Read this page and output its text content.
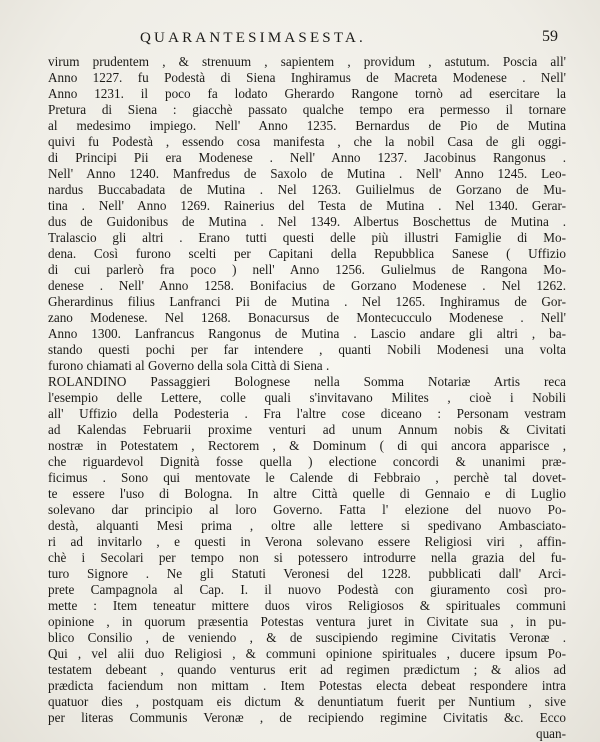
QUARANTESIMASESTA.	59
virum prudentem , & strenuum , sapientem , providum , astutum. Poscia all'
Anno 1227. fu Podestà di Siena Inghiramus de Macreta Modenese . Nell'
Anno 1231. il poco fa lodato Gherardo Rangone tornò ad esercitare la
Pretura di Siena : giacchè passato qualche tempo era permesso il tornare
al medesimo impiego. Nell' Anno 1235. Bernardus de Pio de Mutina
quivi fu Podestà , essendo cosa manifesta , che la nobil Casa de gli oggi-
di Principi Pii era Modenese . Nell' Anno 1237. Jacobinus Rangonus .
Nell' Anno 1240. Manfredus de Saxolo de Mutina . Nell' Anno 1245. Leo-
nardus Buccabadata de Mutina . Nel 1263. Guilielmus de Gorzano de Mu-
tina . Nell' Anno 1269. Rainerius del Testa de Mutina . Nel 1340. Gerar-
dus de Guidonibus de Mutina . Nel 1349. Albertus Boschettus de Mutina .
Tralascio gli altri . Erano tutti questi delle più illustri Famiglie di Mo-
dena. Così furono scelti per Capitani della Repubblica Sanese ( Uffizio
di cui parlerò fra poco ) nell' Anno 1256. Gulielmus de Rangona Mo-
denese . Nell' Anno 1258. Bonifacius de Gorzano Modenese . Nel 1262.
Gherardinus filius Lanfranci Pii de Mutina . Nel 1265. Inghiramus de Gor-
zano Modenese. Nel 1268. Bonacursus de Montecucculo Modenese . Nell'
Anno 1300. Lanfrancus Rangonus de Mutina . Lascio andare gli altri , ba-
stando questi pochi per far intendere , quanti Nobili Modenesi una volta
furono chiamati al Governo della sola Città di Siena .
ROLANDINO Passaggieri Bolognese nella Somma Notariæ Artis reca
l'esempio delle Lettere, colle quali s'invitavano Milites , cioè i Nobili
all' Uffizio della Podesteria . Fra l'altre cose diceano : Personam vestram
ad Kalendas Februarii proxime venturi ad unum Annum nobis & Civitati
nostræ in Potestatem , Rectorem , & Dominum ( di qui ancora apparisce ,
che riguardevol Dignità fosse quella ) electione concordi & unanimi præ-
ficimus . Sono qui mentovate le Calende di Febbraio , perchè tal dovet-
te essere l'uso di Bologna. In altre Città quelle di Gennaio e di Luglio
solevano dar principio al loro Governo. Fatta l' elezione del nuovo Po-
destà, alquanti Mesi prima , oltre alle lettere si spedivano Ambasciato-
ri ad invitarlo , e questi in Verona solevano essere Religiosi viri , affin-
chè i Secolari per tempo non si potessero introdurre nella grazia del fu-
turo Signore . Ne gli Statuti Veronesi del 1228. pubblicati dall' Arci-
prete Campagnola al Cap. I. il nuovo Podestà con giuramento così pro-
mette : Item teneatur mittere duos viros Religiosos & spirituales communi
opinione , in quorum præsentia Potestas ventura juret in Civitate sua , in pu-
blico Consilio , de veniendo , & de suscipiendo regimine Civitatis Veronæ .
Qui , vel alii duo Religiosi , & communi opinione spirituales , ducere ipsum Po-
testatem debeant , quando venturus erit ad regimen prædictum ; & alios ad
prædicta faciendum non mittam . Item Potestas electa debeat respondere intra
quatuor dies , postquam eis dictum & denuntiatum fuerit per Nuntium , sive
per literas Communis Veronæ , de recipiendo regimine Civitatis &c. Ecco
quan-
